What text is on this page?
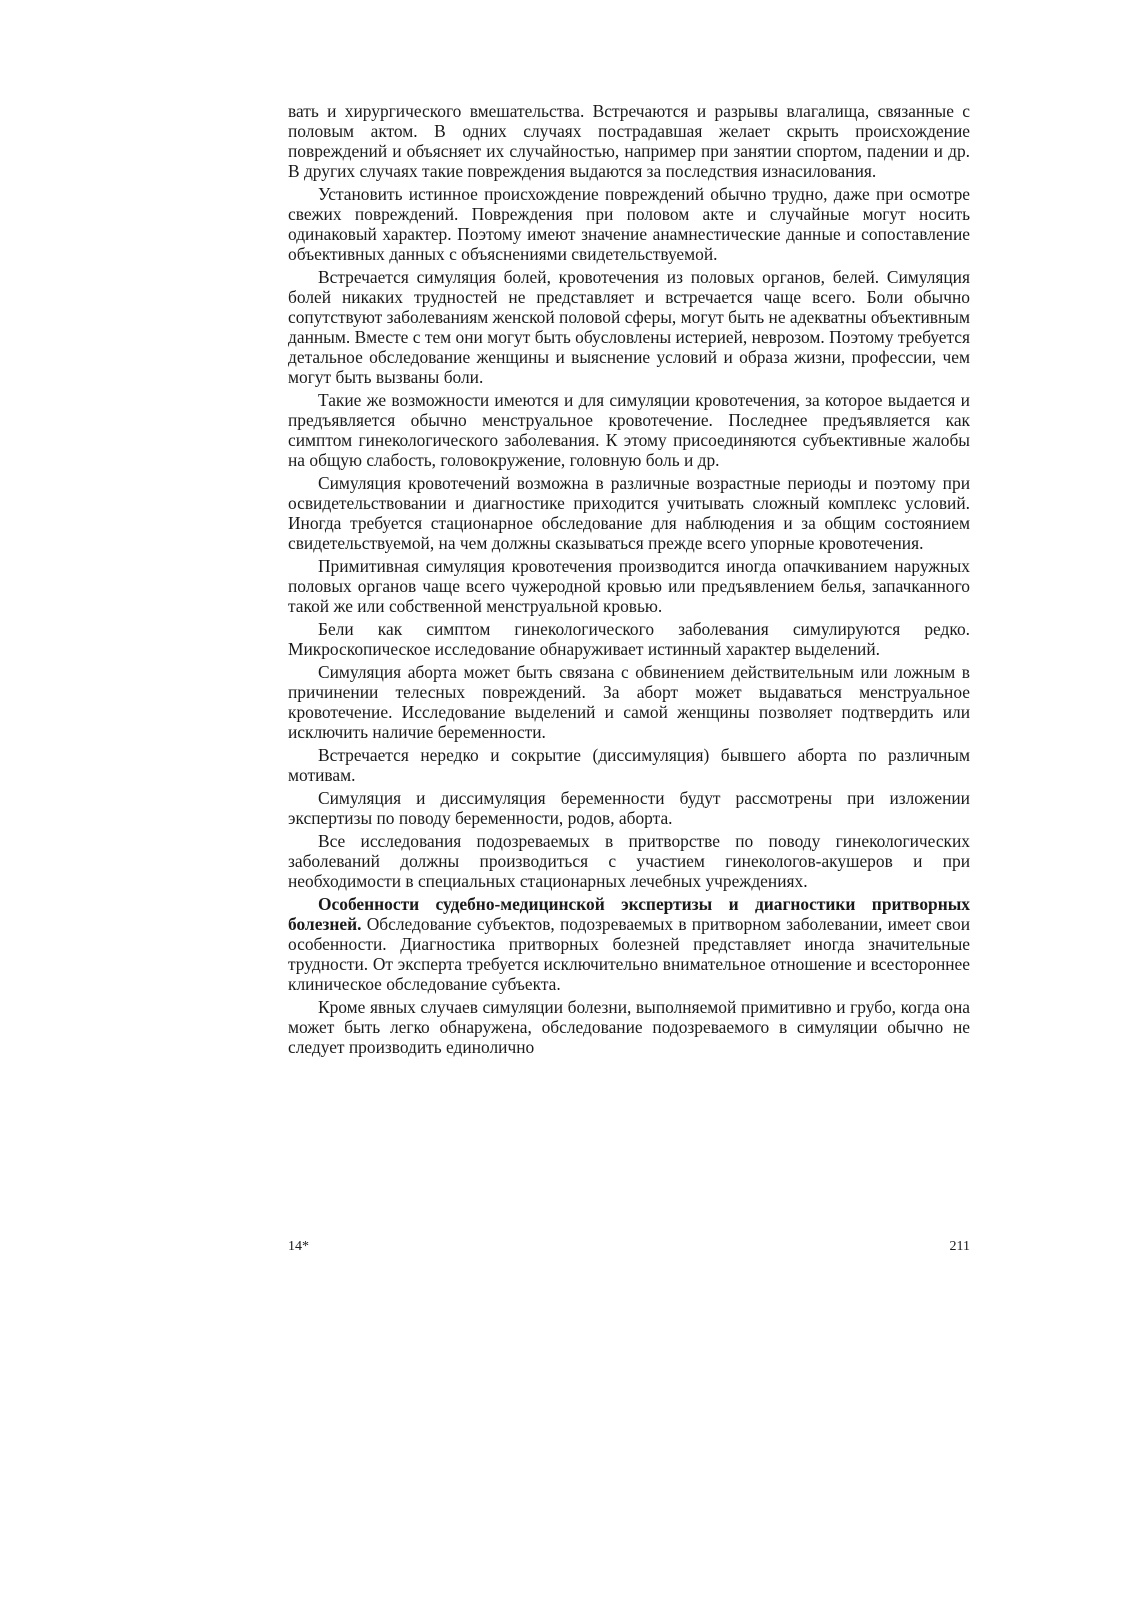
вать и хирургического вмешательства. Встречаются и разрывы влагалища, связанные с половым актом. В одних случаях пострадавшая желает скрыть происхождение повреждений и объясняет их случайностью, например при занятии спортом, падении и др. В других случаях такие повреждения выдаются за последствия изнасилования.

Установить истинное происхождение повреждений обычно трудно, даже при осмотре свежих повреждений. Повреждения при половом акте и случайные могут носить одинаковый характер. Поэтому имеют значение анамнестические данные и сопоставление объективных данных с объяснениями свидетельствуемой.

Встречается симуляция болей, кровотечения из половых органов, белей. Симуляция болей никаких трудностей не представляет и встречается чаще всего. Боли обычно сопутствуют заболеваниям женской половой сферы, могут быть не адекватны объективным данным. Вместе с тем они могут быть обусловлены истерией, неврозом. Поэтому требуется детальное обследование женщины и выяснение условий и образа жизни, профессии, чем могут быть вызваны боли.

Такие же возможности имеются и для симуляции кровотечения, за которое выдается и предъявляется обычно менструальное кровотечение. Последнее предъявляется как симптом гинекологического заболевания. К этому присоединяются субъективные жалобы на общую слабость, головокружение, головную боль и др.

Симуляция кровотечений возможна в различные возрастные периоды и поэтому при освидетельствовании и диагностике приходится учитывать сложный комплекс условий. Иногда требуется стационарное обследование для наблюдения и за общим состоянием свидетельствуемой, на чем должны сказываться прежде всего упорные кровотечения.

Примитивная симуляция кровотечения производится иногда опачкиванием наружных половых органов чаще всего чужеродной кровью или предъявлением белья, запачканного такой же или собственной менструальной кровью.

Бели как симптом гинекологического заболевания симулируются редко. Микроскопическое исследование обнаруживает истинный характер выделений.

Симуляция аборта может быть связана с обвинением действительным или ложным в причинении телесных повреждений. За аборт может выдаваться менструальное кровотечение. Исследование выделений и самой женщины позволяет подтвердить или исключить наличие беременности.

Встречается нередко и сокрытие (диссимуляция) бывшего аборта по различным мотивам.

Симуляция и диссимуляция беременности будут рассмотрены при изложении экспертизы по поводу беременности, родов, аборта.

Все исследования подозреваемых в притворстве по поводу гинекологических заболеваний должны производиться с участием гинекологов-акушеров и при необходимости в специальных стационарных лечебных учреждениях.

Особенности судебно-медицинской экспертизы и диагностики притворных болезней. Обследование субъектов, подозреваемых в притворном заболевании, имеет свои особенности. Диагностика притворных болезней представляет иногда значительные трудности. От эксперта требуется исключительно внимательное отношение и всестороннее клиническое обследование субъекта.

Кроме явных случаев симуляции болезни, выполняемой примитивно и грубо, когда она может быть легко обнаружена, обследование подозреваемого в симуляции обычно не следует производить единолично

14*	211
